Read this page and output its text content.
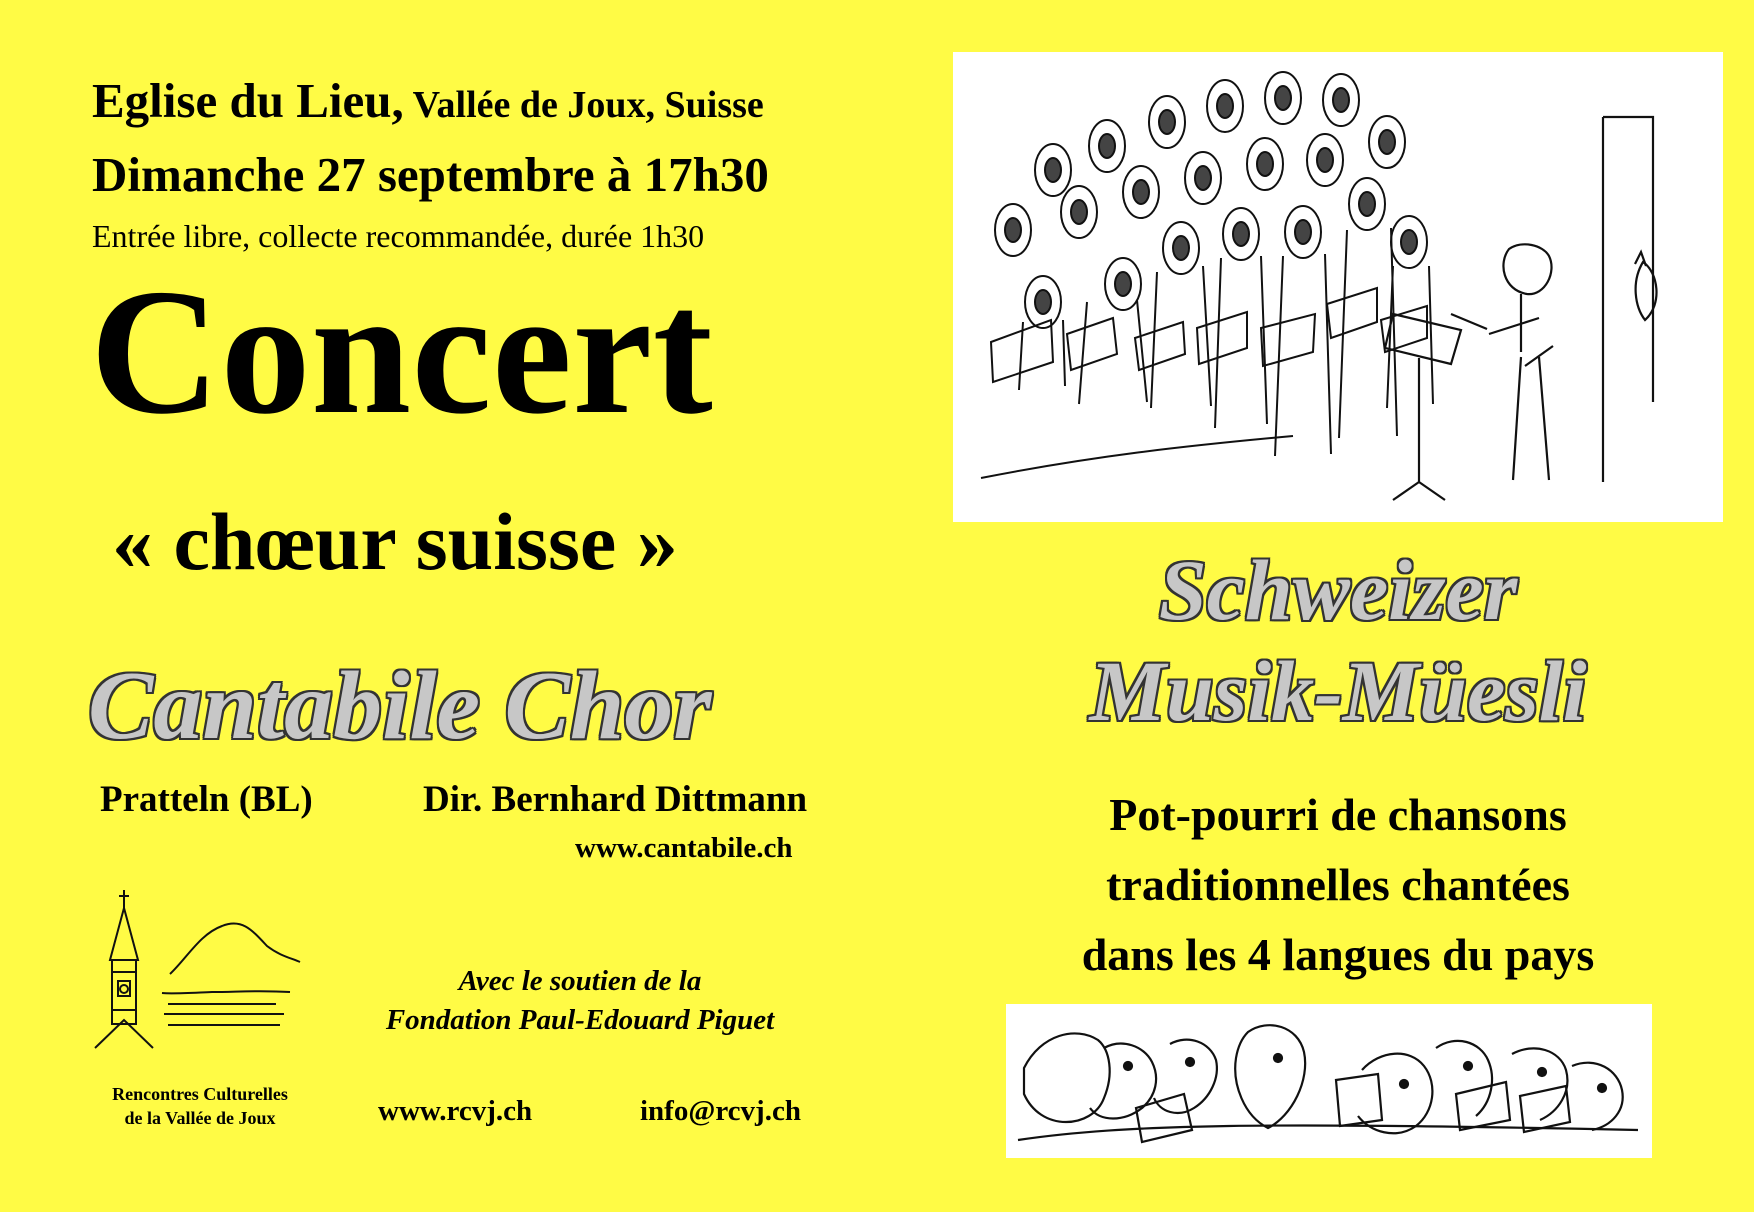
Eglise du Lieu, Vallée de Joux, Suisse
Dimanche 27 septembre à 17h30
Entrée libre, collecte recommandée, durée 1h30
Concert
« chœur suisse »
Cantabile Chor
Pratteln (BL)	Dir. Bernhard Dittmann
www.cantabile.ch
Rencontres Culturelles
de la Vallée de Joux
Avec le soutien de la
Fondation Paul-Edouard Piguet
www.rcvj.ch	info@rcvj.ch
Schweizer
Musik-Müesli
Pot-pourri de chansons
traditionnelles chantées
dans les 4 langues du pays
